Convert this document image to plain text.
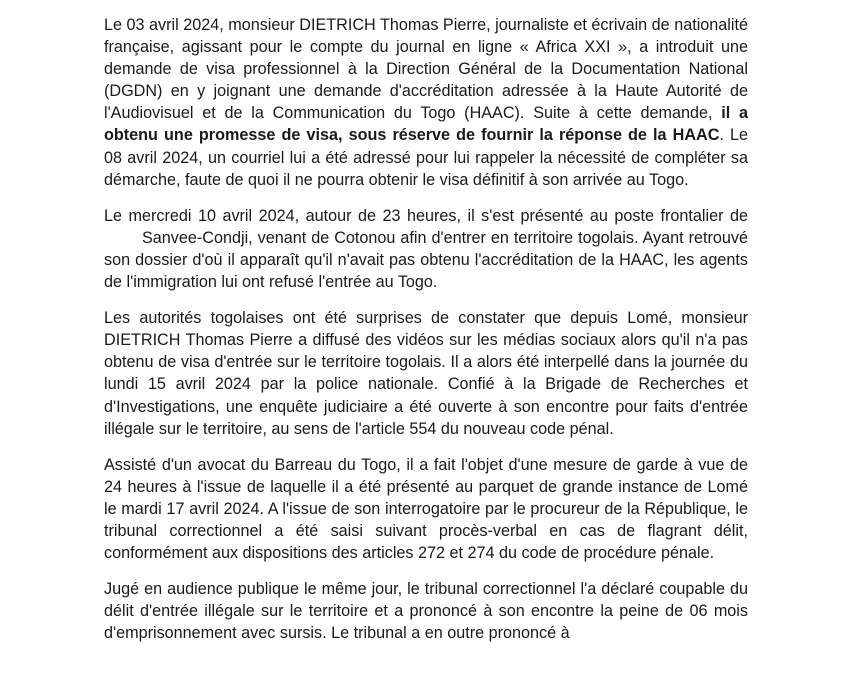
Le 03 avril 2024, monsieur DIETRICH Thomas Pierre, journaliste et écrivain de nationalité française, agissant pour le compte du journal en ligne « Africa XXI », a introduit une demande de visa professionnel à la Direction Général de la Documentation National (DGDN) en y joignant une demande d'accréditation adressée à la Haute Autorité de l'Audiovisuel et de la Communication du Togo (HAAC). Suite à cette demande, il a obtenu une promesse de visa, sous réserve de fournir la réponse de la HAAC. Le 08 avril 2024, un courriel lui a été adressé pour lui rappeler la nécessité de compléter sa démarche, faute de quoi il ne pourra obtenir le visa définitif à son arrivée au Togo.

Le mercredi 10 avril 2024, autour de 23 heures, il s'est présenté au poste frontalier deSanvee-Condji, venant de Cotonou afin d'entrer en territoire togolais. Ayant retrouvé son dossier d'où il apparaît qu'il n'avait pas obtenu l'accréditation de la HAAC, les agents de l'immigration lui ont refusé l'entrée au Togo.

Les autorités togolaises ont été surprises de constater que depuis Lomé, monsieur DIETRICH Thomas Pierre a diffusé des vidéos sur les médias sociaux alors qu'il n'a pas obtenu de visa d'entrée sur le territoire togolais. Il a alors été interpellé dans la journée du lundi 15 avril 2024 par la police nationale. Confié à la Brigade de Recherches et d'Investigations, une enquête judiciaire a été ouverte à son encontre pour faits d'entrée illégale sur le territoire, au sens de l'article 554 du nouveau code pénal.

Assisté d'un avocat du Barreau du Togo, il a fait l'objet d'une mesure de garde à vue de 24 heures à l'issue de laquelle il a été présenté au parquet de grande instance de Lomé le mardi 17 avril 2024. A l'issue de son interrogatoire par le procureur de la République, le tribunal correctionnel a été saisi suivant procès-verbal en cas de flagrant délit, conformément aux dispositions des articles 272 et 274 du code de procédure pénale.

Jugé en audience publique le même jour, le tribunal correctionnel l'a déclaré coupable du délit d'entrée illégale sur le territoire et a prononcé à son encontre la peine de 06 mois d'emprisonnement avec sursis. Le tribunal a en outre prononcé à
